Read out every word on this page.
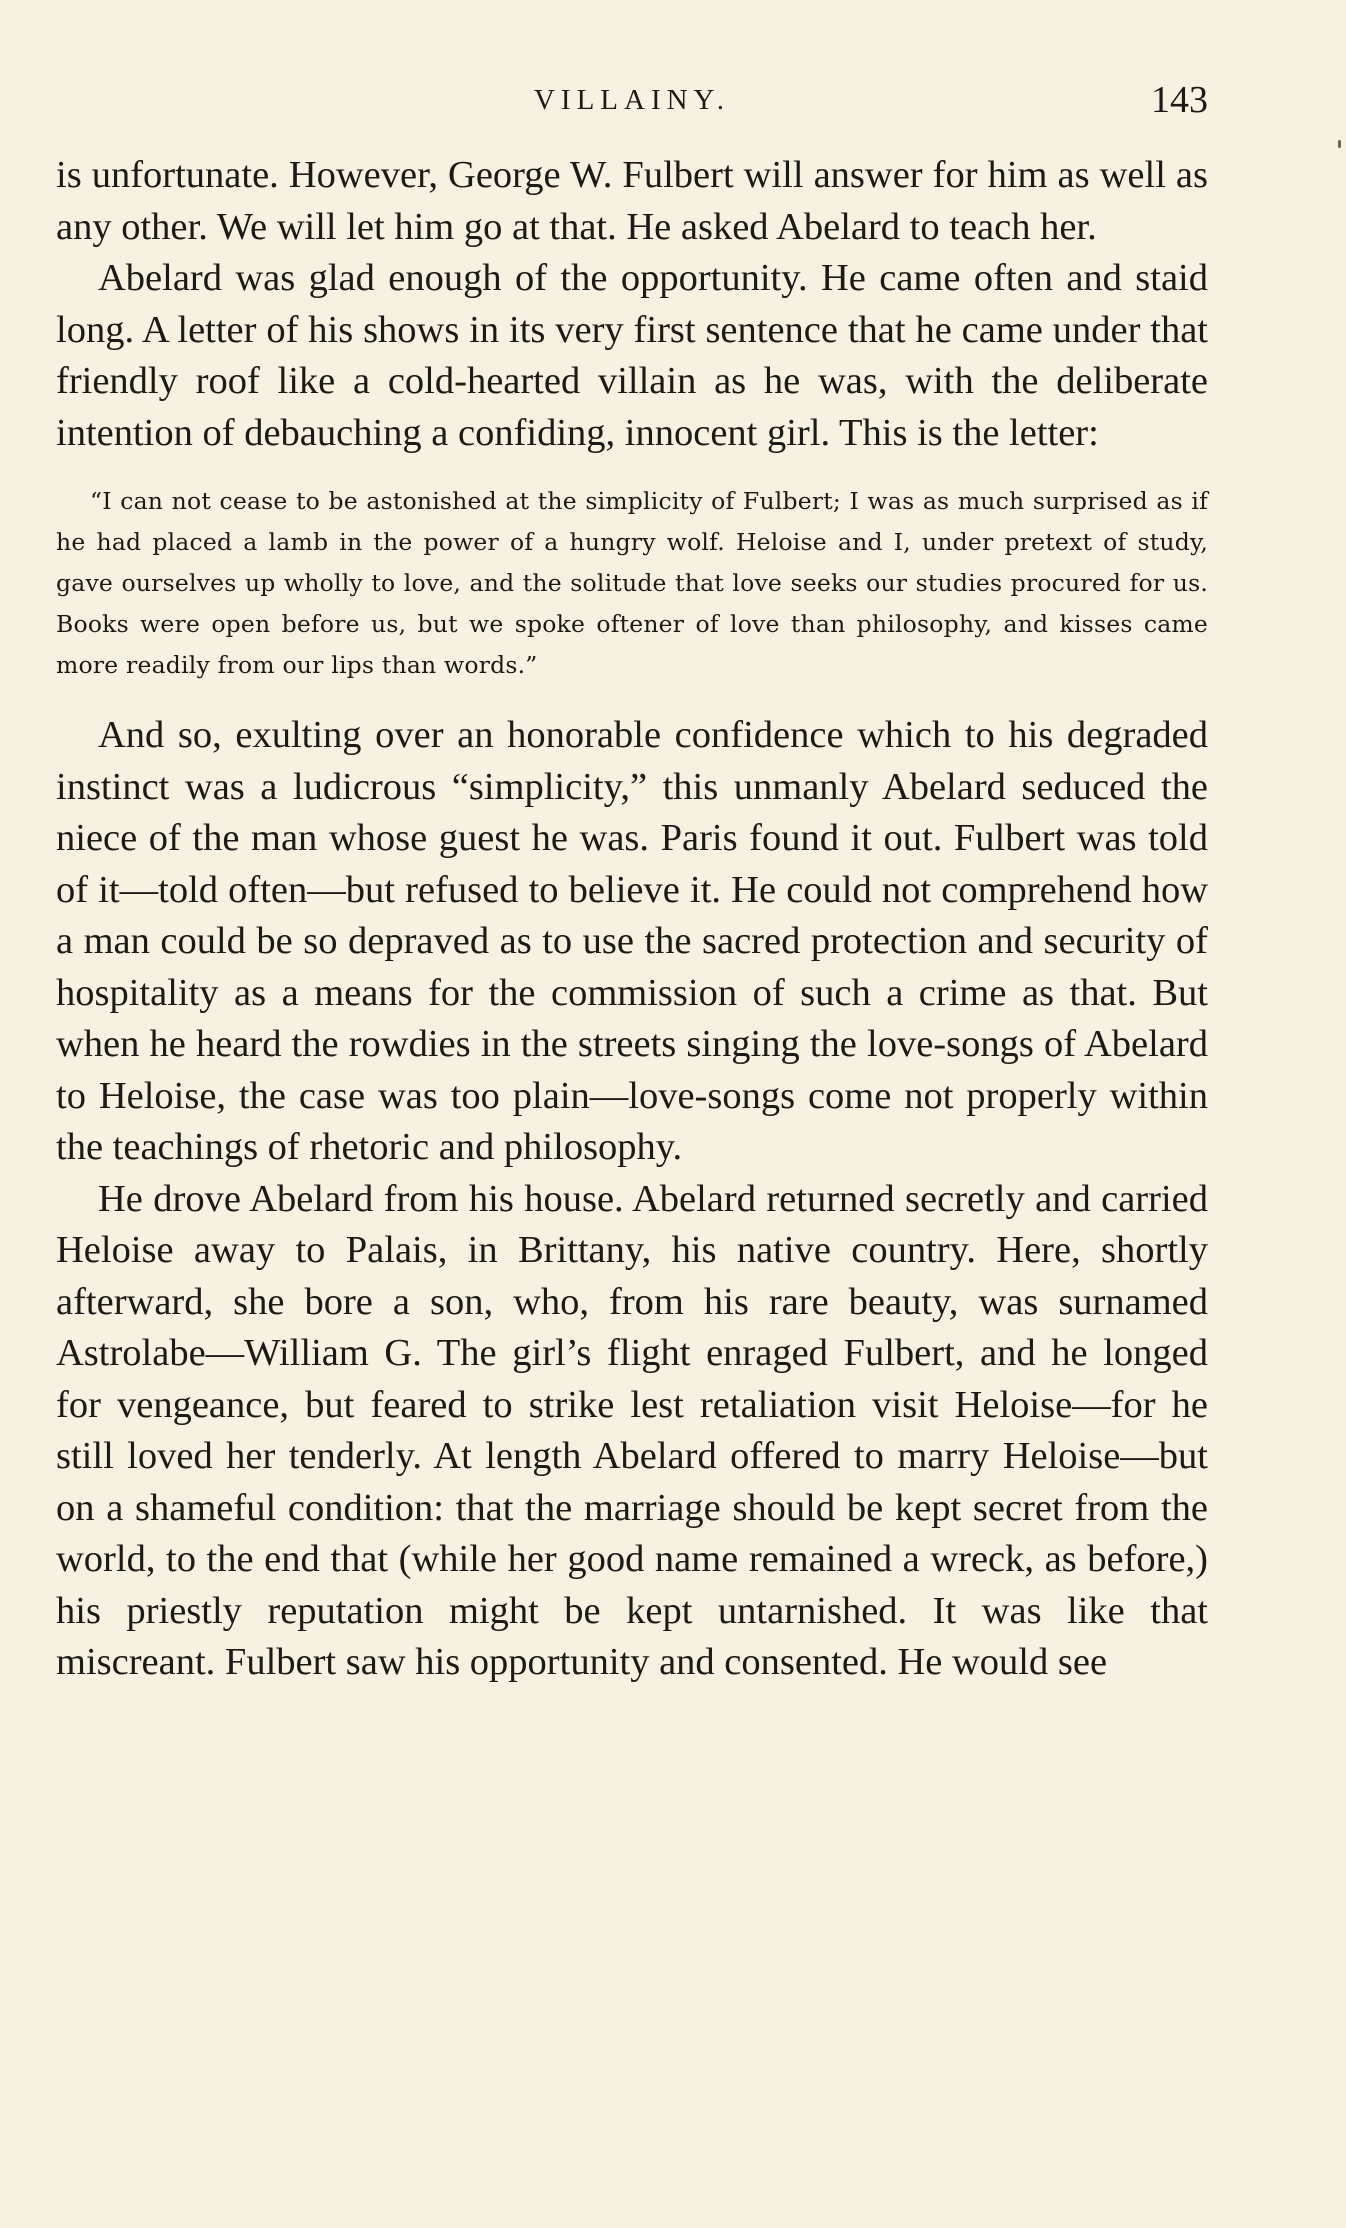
VILLAINY.	143

is unfortunate. However, George W. Fulbert will answer for him as well as any other. We will let him go at that. He asked Abelard to teach her.

Abelard was glad enough of the opportunity. He came often and staid long. A letter of his shows in its very first sentence that he came under that friendly roof like a cold-hearted villain as he was, with the deliberate intention of debauching a confiding, innocent girl. This is the letter:

“I can not cease to be astonished at the simplicity of Fulbert; I was as much surprised as if he had placed a lamb in the power of a hungry wolf. Heloise and I, under pretext of study, gave ourselves up wholly to love, and the solitude that love seeks our studies procured for us. Books were open before us, but we spoke oftener of love than philosophy, and kisses came more readily from our lips than words.”

And so, exulting over an honorable confidence which to his degraded instinct was a ludicrous “simplicity,” this unmanly Abelard seduced the niece of the man whose guest he was. Paris found it out. Fulbert was told of it—told often—but refused to believe it. He could not comprehend how a man could be so depraved as to use the sacred protection and security of hospitality as a means for the commission of such a crime as that. But when he heard the rowdies in the streets singing the love-songs of Abelard to Heloise, the case was too plain—love-songs come not properly within the teachings of rhetoric and philosophy.

He drove Abelard from his house. Abelard returned secretly and carried Heloise away to Palais, in Brittany, his native country. Here, shortly afterward, she bore a son, who, from his rare beauty, was surnamed Astrolabe—William G. The girl’s flight enraged Fulbert, and he longed for vengeance, but feared to strike lest retaliation visit Heloise—for he still loved her tenderly. At length Abelard offered to marry Heloise—but on a shameful condition: that the marriage should be kept secret from the world, to the end that (while her good name remained a wreck, as before,) his priestly reputation might be kept untarnished. It was like that miscreant. Fulbert saw his opportunity and consented. He would see
